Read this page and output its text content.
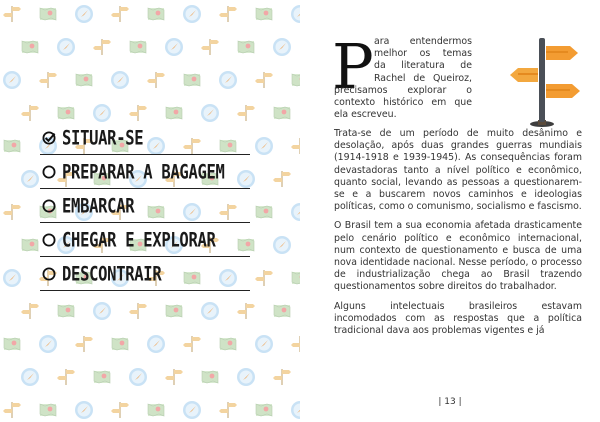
SITUAR-SE
PREPARAR A BAGAGEM
EMBARCAR
CHEGAR E EXPLORAR
DESCONTRAIR
P ara entendermos
melhor os temas
da literatura de
Rachel de Queiroz,
precisamos explorar o
contexto histórico em que
ela escreveu.

Trata-se de um período de muito desânimo e desolação, após duas grandes guerras mundiais (1914-1918 e 1939-1945). As consequências foram devastadoras tanto a nível político e econômico, quanto social, levando as pessoas a questionarem-se e a buscarem novos caminhos e ideologias políticas, como o comunismo, socialismo e fascismo.

O Brasil tem a sua economia afetada drasticamente pelo cenário político e econômico internacional, num contexto de questionamento e busca de uma nova identidade nacional. Nesse período, o processo de industrialização chega ao Brasil trazendo questionamentos sobre direitos do trabalhador.

Alguns intelectuais brasileiros estavam incomodados com as respostas que a política tradicional dava aos problemas vigentes e já

| 13 |
